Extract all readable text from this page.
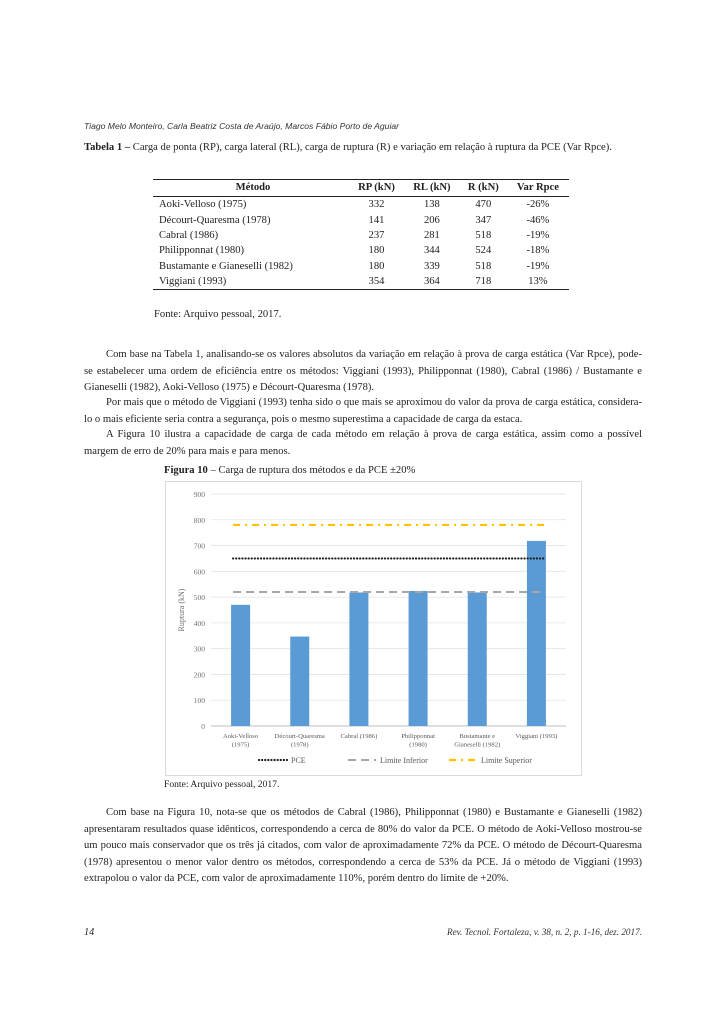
Tiago Melo Monteiro, Carla Beatriz Costa de Araújo, Marcos Fábio Porto de Aguiar
Tabela 1 – Carga de ponta (RP), carga lateral (RL), carga de ruptura (R) e variação em relação à ruptura da PCE (Var Rpce).
Método	RP (kN)	RL (kN)	R (kN)	Var Rpce
Aoki-Velloso (1975)	332	138	470	-26%
Décourt-Quaresma (1978)	141	206	347	-46%
Cabral (1986)	237	281	518	-19%
Philipponnat (1980)	180	344	524	-18%
Bustamante e Gianeselli (1982)	180	339	518	-19%
Viggiani (1993)	354	364	718	13%
Fonte: Arquivo pessoal, 2017.

Com base na Tabela 1, analisando-se os valores absolutos da variação em relação à prova de carga estática (Var Rpce), pode-se estabelecer uma ordem de eficiência entre os métodos: Viggiani (1993), Philipponnat (1980), Cabral (1986) / Bustamante e Gianeselli (1982), Aoki-Velloso (1975) e Décourt-Quaresma (1978).

Por mais que o método de Viggiani (1993) tenha sido o que mais se aproximou do valor da prova de carga estática, considera-lo o mais eficiente seria contra a segurança, pois o mesmo superestima a capacidade de carga da estaca.

A Figura 10 ilustra a capacidade de carga de cada método em relação à prova de carga estática, assim como a possível margem de erro de 20% para mais e para menos.

Figura 10 – Carga de ruptura dos métodos e da PCE ±20%
0
100
200
300
400
500
600
700
800
900
Ruptura (kN)
Aoki-Velloso
(1975)
Décourt-Quaresma
(1978)
Cabral (1986)	Philipponnat
(1980)
Bustamante e
Gianeselli (1982)
Viggiani (1993)
PCE	Limite Inferior	Limite Superior
Fonte: Arquivo pessoal, 2017.

Com base na Figura 10, nota-se que os métodos de Cabral (1986), Philipponnat (1980) e Bustamante e Gianeselli (1982) apresentaram resultados quase idênticos, correspondendo a cerca de 80% do valor da PCE. O método de Aoki-Velloso mostrou-se um pouco mais conservador que os três já citados, com valor de aproximadamente 72% da PCE. O método de Décourt-Quaresma (1978) apresentou o menor valor dentro os métodos, correspondendo a cerca de 53% da PCE. Já o método de Viggiani (1993) extrapolou o valor da PCE, com valor de aproximadamente 110%, porém dentro do limite de +20%.

14	Rev. Tecnol. Fortaleza, v. 38, n. 2, p. 1-16, dez. 2017.
